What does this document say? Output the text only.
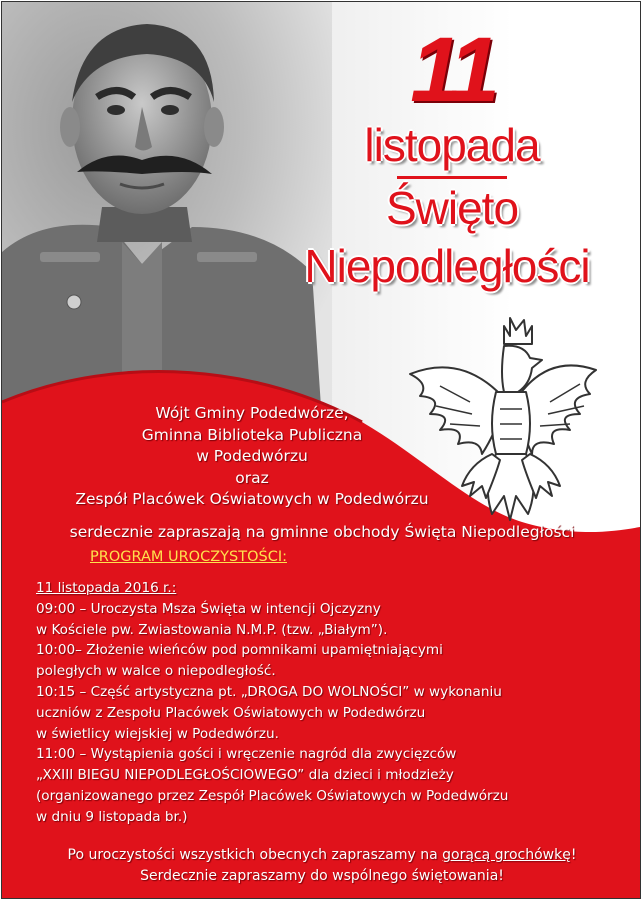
11
listopada
Święto
Niepodległości
Wójt Gminy Podedwórze,
Gminna Biblioteka Publiczna
w Podedwórzu
oraz
Zespół Placówek Oświatowych w Podedwórzu
serdecznie zapraszają na gminne obchody Święta Niepodległości
PROGRAM UROCZYSTOŚCI:
11 listopada 2016 r.:
09:00 – Uroczysta Msza Święta w intencji Ojczyzny
w Kościele pw. Zwiastowania N.M.P. (tzw. „Białym”).
10:00– Złożenie wieńców pod pomnikami upamiętniającymi
poległych w walce o niepodległość.
10:15 – Część artystyczna pt. „DROGA DO WOLNOŚCI” w wykonaniu
uczniów z Zespołu Placówek Oświatowych w Podedwórzu
w świetlicy wiejskiej w Podedwórzu.
11:00 – Wystąpienia gości i wręczenie nagród dla zwycięzców
„XXIII BIEGU NIEPODLEGŁOŚCIOWEGO” dla dzieci i młodzieży
(organizowanego przez Zespół Placówek Oświatowych w Podedwórzu
w dniu 9 listopada br.)
Po uroczystości wszystkich obecnych zapraszamy na gorącą grochówkę!
Serdecznie zapraszamy do wspólnego świętowania!
